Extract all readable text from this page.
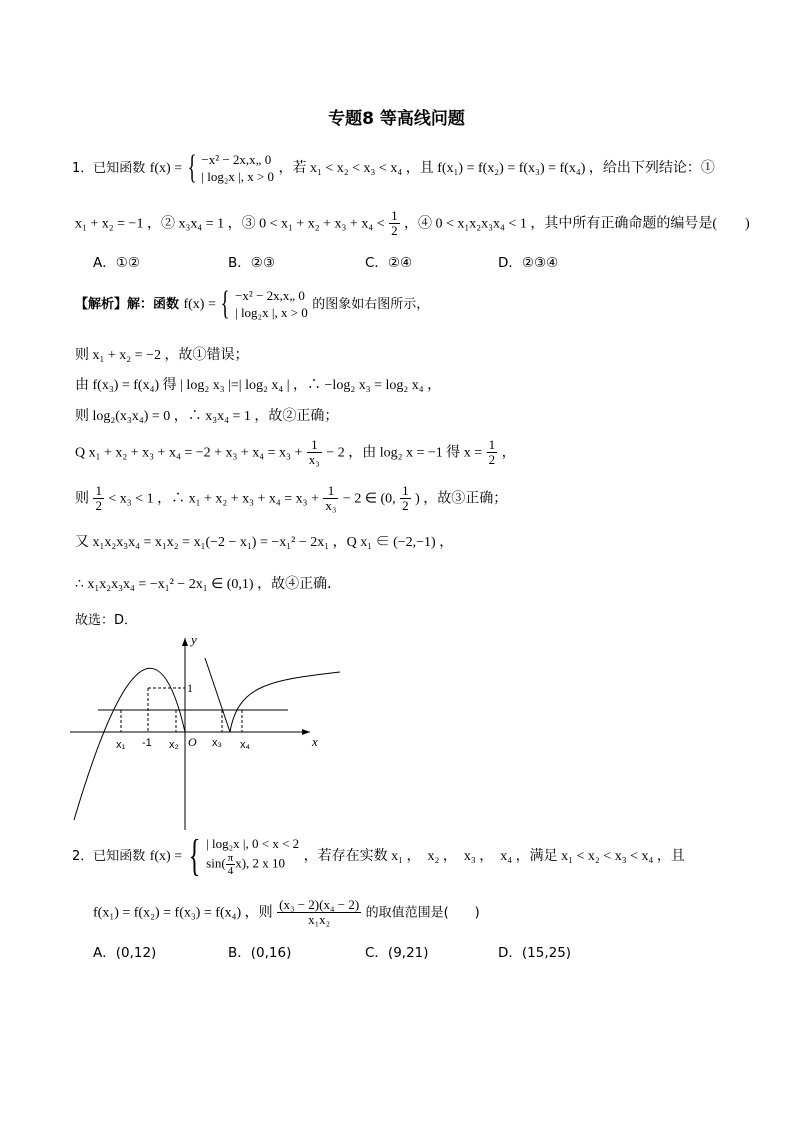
专题8 等高线问题
1．已知函数 f(x) = { −x² − 2x,x„ 0
| log₂x |, x > 0
，若 x₁ < x₂ < x₃ < x₄ ，且 f(x₁) = f(x₂) = f(x₃) = f(x₄) ，给出下列结论：①
x₁ + x₂ = −1 ，② x₃x₄ = 1 ，③ $0 < x_1 + x_2 + x_3 + x_4 < \frac{1}{2}$ ，④ 0 < x₁x₂x₃x₄ < 1 ，其中所有正确命题的编号是(　　)
A．①②	B．②③	C．②④	D．②③④
【解析】解：函数 f(x) = { −x² − 2x,x„ 0
| log₂x |, x > 0
的图象如右图所示，
则 x₁ + x₂ = −2 ，故①错误；
由 f(x₃) = f(x₄) 得 | log₂ x₃ |=| log₂ x₄ | ，∴ −log₂ x₃ = log₂ x₄ ，
则 log₂(x₃x₄) = 0 ，∴ x₃x₄ = 1 ，故②正确；
Q $x_1 + x_2 + x_3 + x_4 = -2 + x_3 + x_4 = x_3 + \frac{1}{\text{x₃}} - 2$ ，由 log₂ x = −1 得 $x = \frac{1}{2}$ ，
则 $\frac{1}{2} < x_3 < 1$ ，∴ $x_1 + x_2 + x_3 + x_4 = x_3 + \frac{1}{\text{x₃}} - 2$ ∈ (0, $\frac{1}{2}$ ) ，故③正确；
又 x₁x₂x₃x₄ = x₁x₂ = x₁(−2 − x₁) = −x₁² − 2x₁ ，Q x₁ ∈ (−2,−1) ，
∴ x₁x₂x₃x₄ = −x₁² − 2x₁ ∈ (0,1) ，故④正确．
故选：D．
y
x
1
O
x₁ -1 x₂	x₃ x₄
2．已知函数 f(x) = { | log₂x |, 0 < x < 2
$\sin( \frac{\pi}{4} x)$, 2 x 10	，若存在实数 x₁ ，　x₂ ，　x₃ ，　x₄ ，满足 x₁ < x₂ < x₃ < x₄ ，且
f(x₁) = f(x₂) = f(x₃) = f(x₄) ，则 $\frac{\text{(x₃ − 2)(x₄ − 2)}}{\text{x₁x₂}}$ 的取值范围是(　　)
A．(0,12)	B．(0,16)	C．(9,21)	D．(15,25)
